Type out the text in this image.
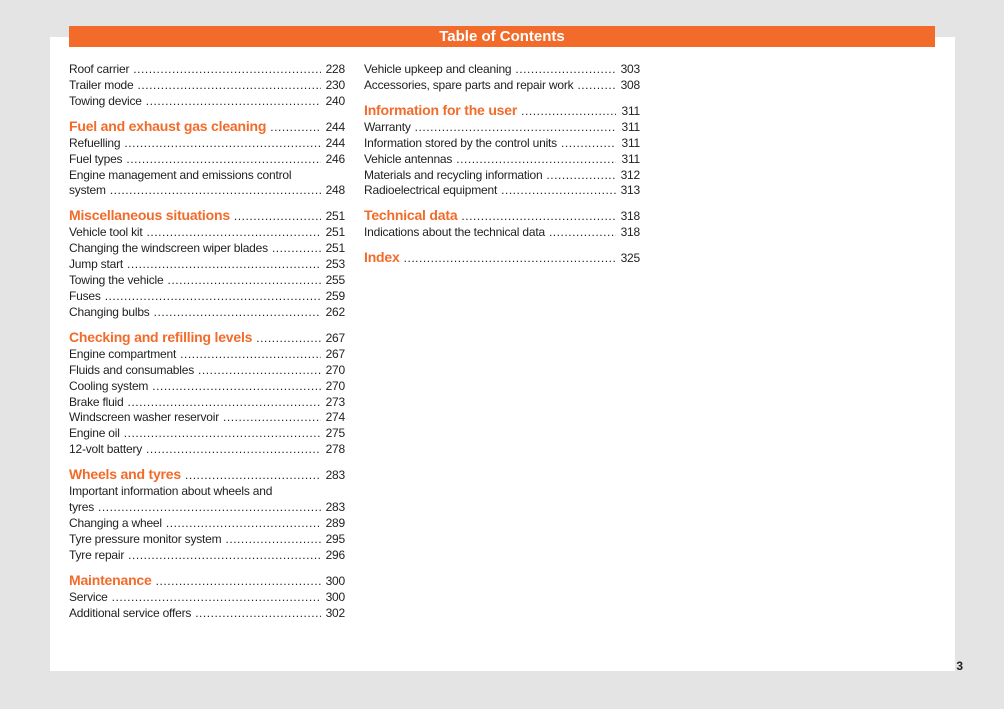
Table of Contents
Roof carrier . . .	228
Trailer mode . . .	230
Towing device . . .	240
Fuel and exhaust gas cleaning . . .	244
Refuelling . . .	244
Fuel types . . .	246
Engine management and emissions control
system . . .	248
Miscellaneous situations . . .	251
Vehicle tool kit . . .	251
Changing the windscreen wiper blades . . .	251
Jump start . . .	253
Towing the vehicle . . .	255
Fuses . . .	259
Changing bulbs . . .	262
Checking and refilling levels . . .	267
Engine compartment . . .	267
Fluids and consumables . . .	270
Cooling system . . .	270
Brake fluid . . .	273
Windscreen washer reservoir . . .	274
Engine oil . . .	275
12-volt battery . . .	278
Wheels and tyres . . .	283
Important information about wheels and
tyres . . .	283
Changing a wheel . . .	289
Tyre pressure monitor system . . .	295
Tyre repair . . .	296
Maintenance . . .	300
Service . . .	300
Additional service offers . . .	302
Vehicle upkeep and cleaning . . .	303
Accessories, spare parts and repair work . . .	308
Information for the user . . .	311
Warranty . . .	311
Information stored by the control units . . .	311
Vehicle antennas . . .	311
Materials and recycling information . . .	312
Radioelectrical equipment . . .	313
Technical data . . .	318
Indications about the technical data . . .	318
Index . . .	325
3
